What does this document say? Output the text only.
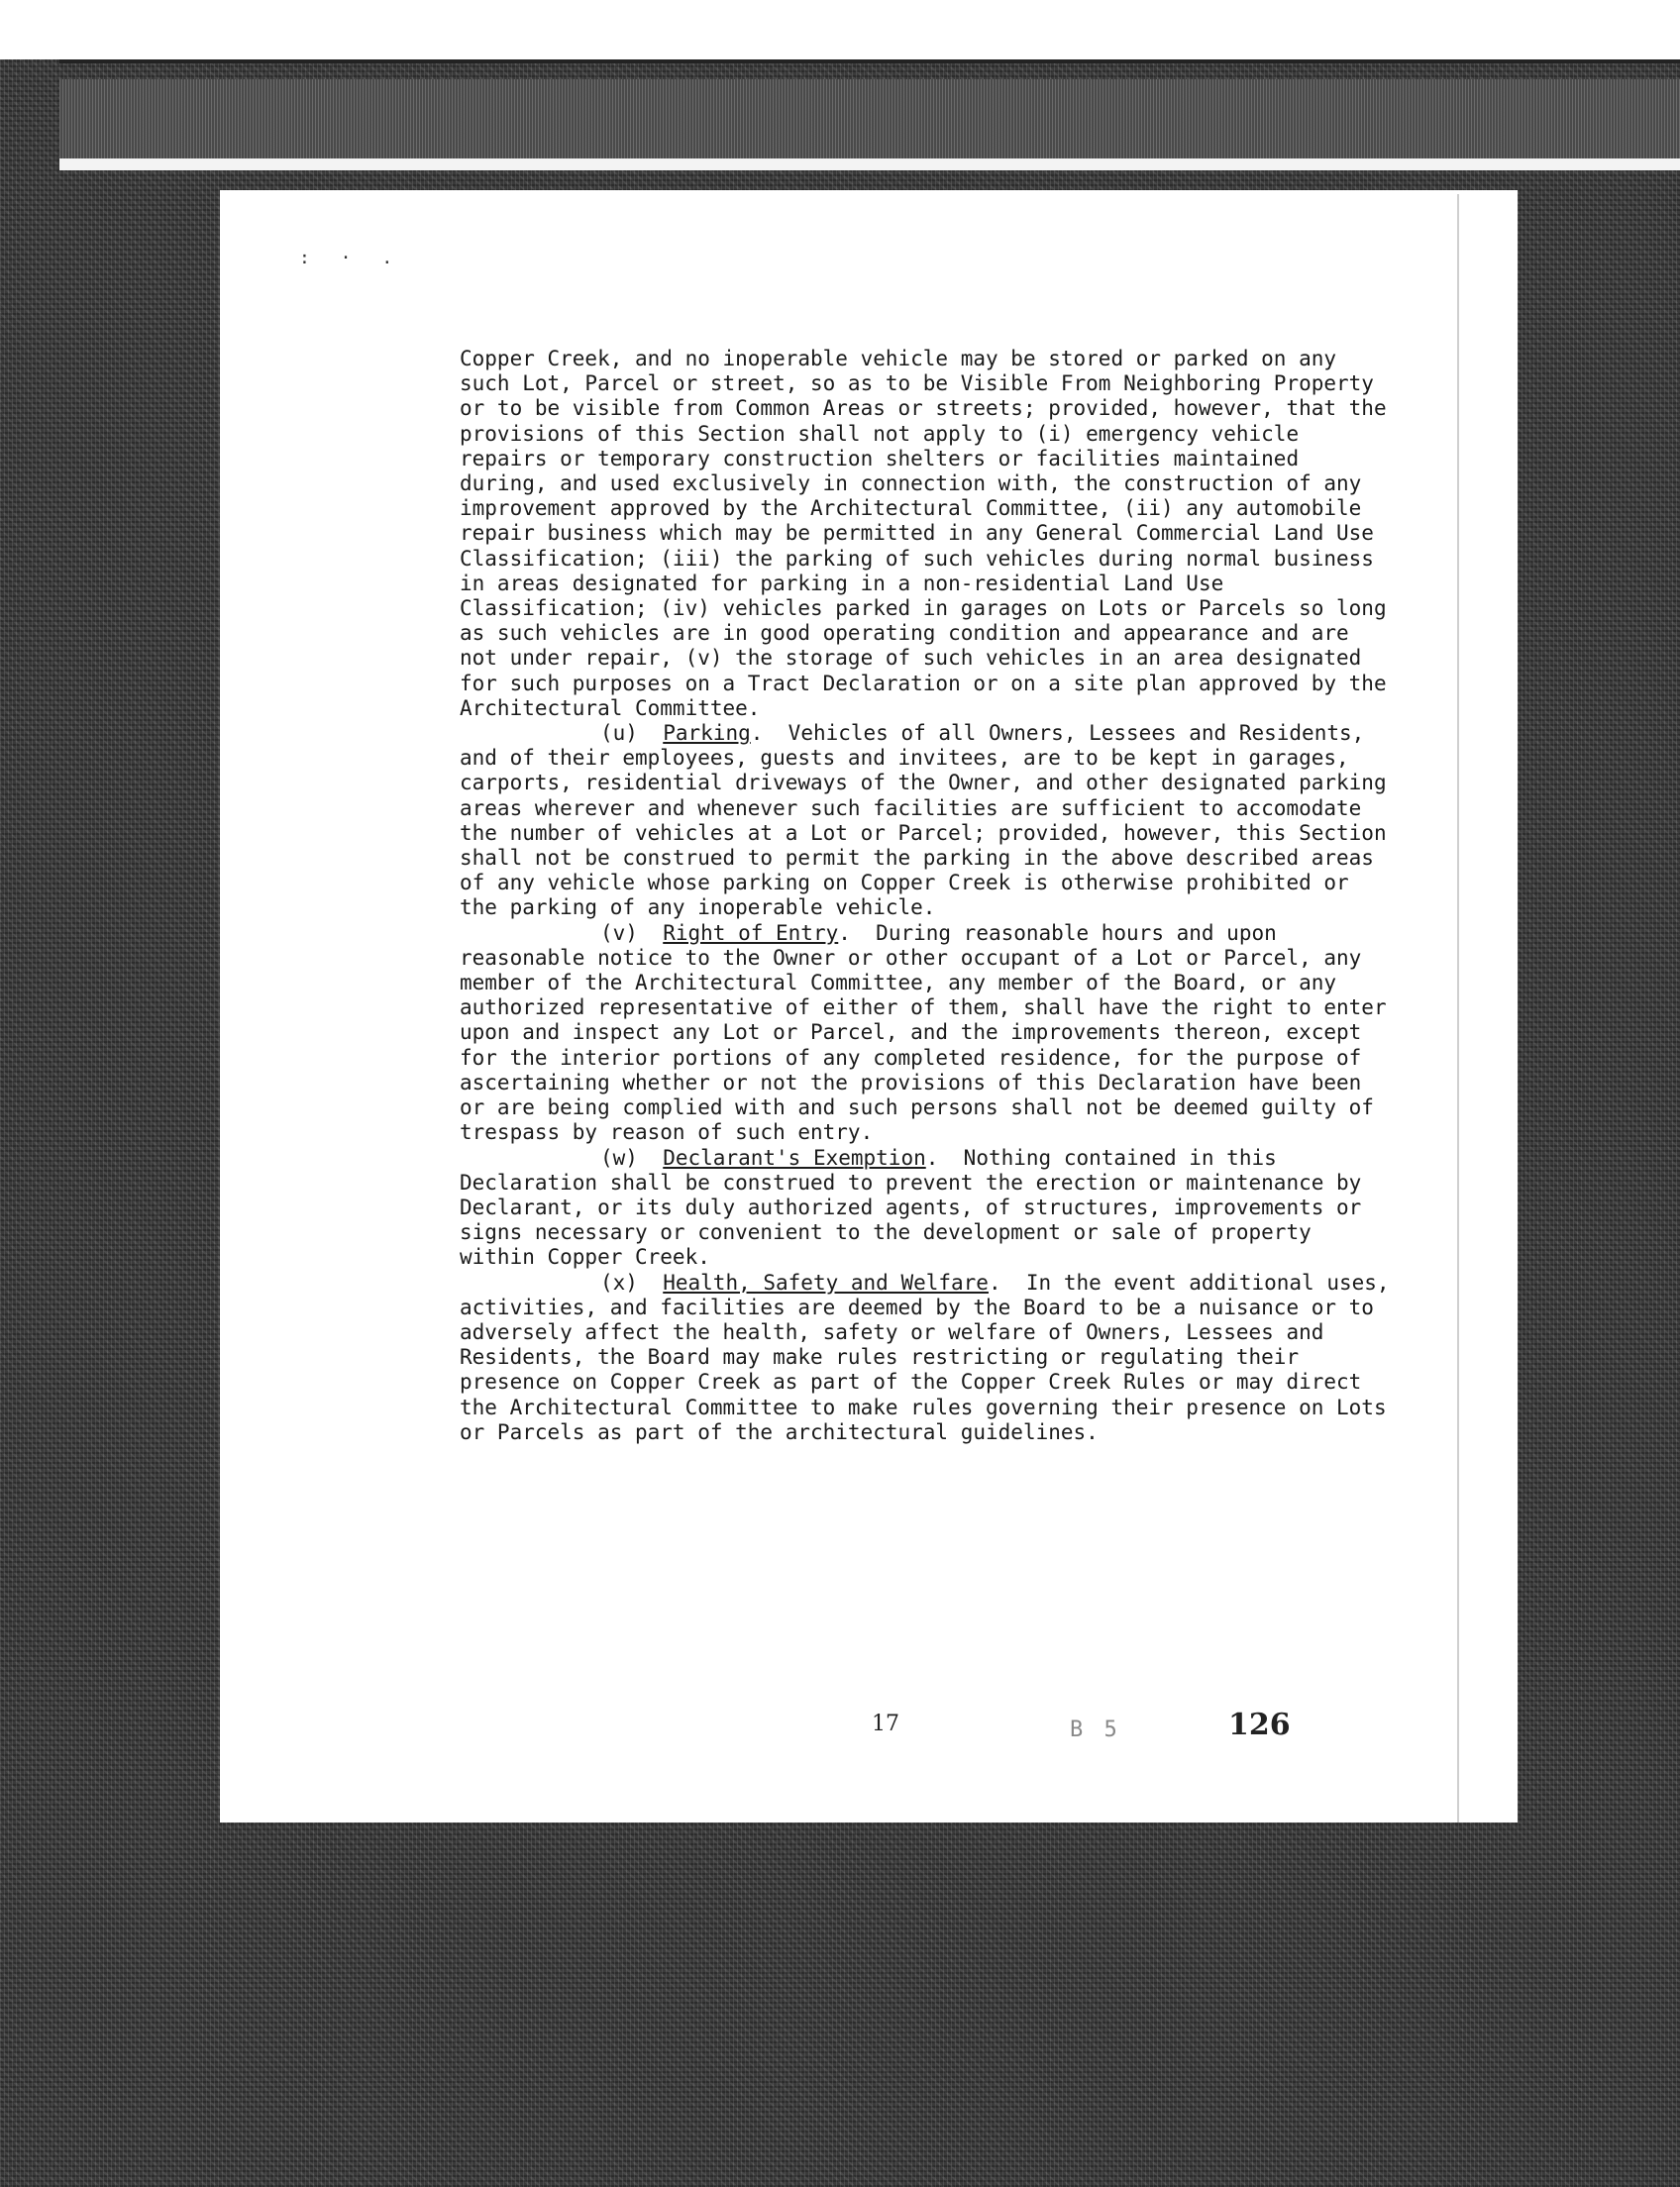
: · .

Copper Creek, and no inoperable vehicle may be stored or parked on any such Lot, Parcel or street, so as to be Visible From Neighboring Property or to be visible from Common Areas or streets; provided, however, that the provisions of this Section shall not apply to (i) emergency vehicle repairs or temporary construction shelters or facilities maintained during, and used exclusively in connection with, the construction of any improvement approved by the Architectural Committee, (ii) any automobile repair business which may be permitted in any General Commercial Land Use Classification; (iii) the parking of such vehicles during normal business in areas designated for parking in a non-residential Land Use Classification; (iv) vehicles parked in garages on Lots or Parcels so long as such vehicles are in good operating condition and appearance and are not under repair, (v) the storage of such vehicles in an area designated for such purposes on a Tract Declaration or on a site plan approved by the Architectural Committee.

(u) Parking.  Vehicles of all Owners, Lessees and Residents, and of their employees, guests and invitees, are to be kept in garages, carports, residential driveways of the Owner, and other designated parking areas wherever and whenever such facilities are sufficient to accomodate the number of vehicles at a Lot or Parcel; provided, however, this Section shall not be construed to permit the parking in the above described areas of any vehicle whose parking on Copper Creek is otherwise prohibited or the parking of any inoperable vehicle.

(v) Right of Entry.  During reasonable hours and upon reasonable notice to the Owner or other occupant of a Lot or Parcel, any member of the Architectural Committee, any member of the Board, or any authorized representative of either of them, shall have the right to enter upon and inspect any Lot or Parcel, and the improvements thereon, except for the interior portions of any completed residence, for the purpose of ascertaining whether or not the provisions of this Declaration have been or are being complied with and such persons shall not be deemed guilty of trespass by reason of such entry.

(w) Declarant's Exemption.  Nothing contained in this Declaration shall be construed to prevent the erection or maintenance by Declarant, or its duly authorized agents, of structures, improvements or signs necessary or convenient to the development or sale of property within Copper Creek.

(x) Health, Safety and Welfare.  In the event additional uses, activities, and facilities are deemed by the Board to be a nuisance or to adversely affect the health, safety or welfare of Owners, Lessees and Residents, the Board may make rules restricting or regulating their presence on Copper Creek as part of the Copper Creek Rules or may direct the Architectural Committee to make rules governing their presence on Lots or Parcels as part of the architectural guidelines.

17	B 5	126
